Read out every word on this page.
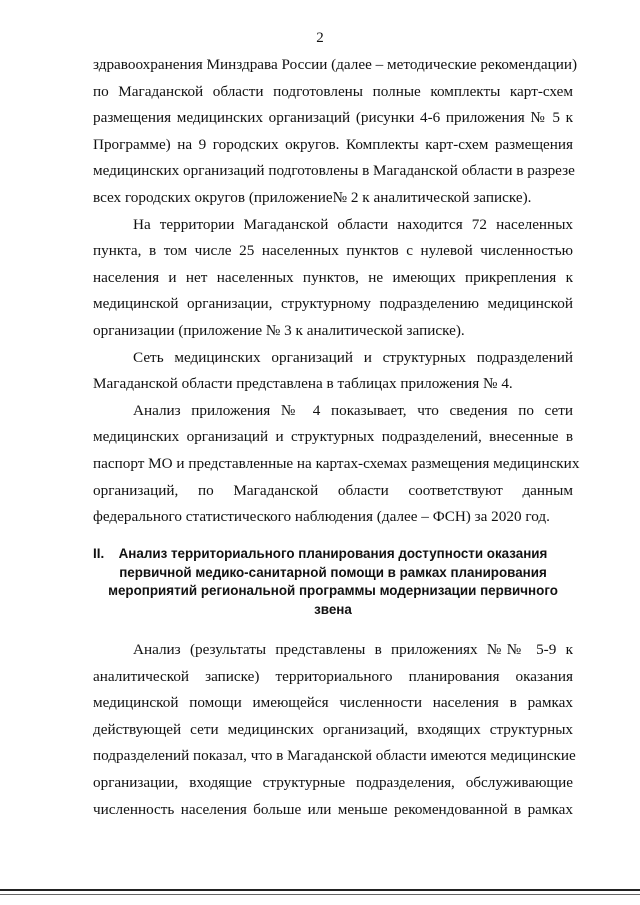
2
здравоохранения Минздрава России (далее – методические рекомендации)
по Магаданской области подготовлены полные комплекты карт-схем
размещения медицинских организаций (рисунки 4-6 приложения № 5 к
Программе) на 9 городских округов. Комплекты карт-схем размещения
медицинских организаций подготовлены в Магаданской области в разрезе
всех городских округов (приложение№ 2 к аналитической записке).
На территории Магаданской области находится 72 населенных
пункта, в том числе 25 населенных пунктов с нулевой численностью
населения и нет населенных пунктов, не имеющих прикрепления к
медицинской организации, структурному подразделению медицинской
организации (приложение № 3 к аналитической записке).
Сеть медицинских организаций и структурных подразделений
Магаданской области представлена в таблицах приложения № 4.
Анализ приложения № 4 показывает, что сведения по сети
медицинских организаций и структурных подразделений, внесенные в
паспорт МО и представленные на картах-схемах размещения медицинских
организаций, по Магаданской области соответствуют данным
федерального статистического наблюдения (далее – ФСН) за 2020 год.
II.	Анализ территориального планирования доступности оказания
первичной медико-санитарной помощи в рамках планирования
мероприятий региональной программы модернизации первичного
звена
Анализ (результаты представлены в приложениях №№ 5-9 к
аналитической записке) территориального планирования оказания
медицинской помощи имеющейся численности населения в рамках
действующей сети медицинских организаций, входящих структурных
подразделений показал, что в Магаданской области имеются медицинские
организации, входящие структурные подразделения, обслуживающие
численность населения больше или меньше рекомендованной в рамках
